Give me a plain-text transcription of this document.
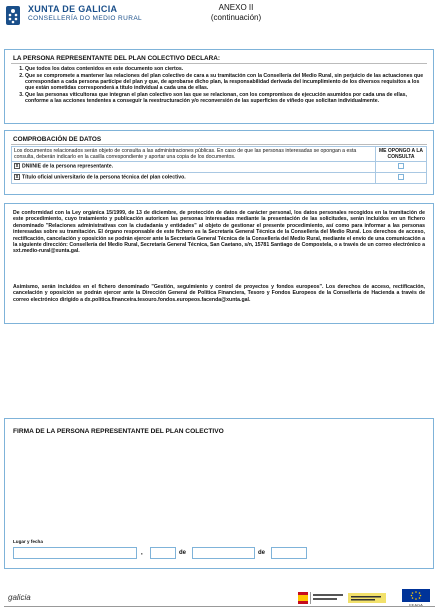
XUNTA DE GALICIA
CONSELLERÍA DO MEDIO RURAL
ANEXO II
(continuación)
LA PERSONA REPRESENTANTE DEL PLAN COLECTIVO DECLARA:
1. Que todos los datos contenidos en este documento son ciertos.
2. Que se compromete a mantener las relaciones del plan colectivo de cara a su tramitación con la Consellería del Medio Rural, sin perjuicio de las actuaciones que correspondan a cada persona partícipe del plan y que, de aprobarse dicho plan, la responsabilidad derivada del incumplimiento de los diversos requisitos a los que están sometidas corresponderá a título individual a cada una de ellas.
3. Que las personas viticultoras que integran el plan colectivo son las que se relacionan, con los compromisos de ejecución asumidos por cada una de ellas, conforme a las acciones tendentes a conseguir la reestructuración y/o reconversión de las superficies de viñedo que solicitan individualmente.
COMPROBACIÓN DE DATOS
Los documentos relacionados serán objeto de consulta a las administraciones públicas. En caso de que las personas interesadas se opongan a esta consulta, deberán indicarlo en la casilla correspondiente y aportar una copia de los documentos.	ME OPONGO A LA CONSULTA
x DNI/NIE de la persona representante.	
x Título oficial universitario de la persona técnica del plan colectivo.	
De conformidad con la Ley orgánica 15/1999, de 13 de diciembre, de protección de datos de carácter personal, los datos personales recogidos en la tramitación de este procedimiento, cuyo tratamiento y publicación autoricen las personas interesadas mediante la presentación de las solicitudes, serán incluidos en un fichero denominado "Relaciones administrativas con la ciudadanía y entidades" al objeto de gestionar el presente procedimiento, así como para informar a las personas interesadas sobre su tramitación. El órgano responsable de este fichero es la Secretaría General Técnica de la Consellería del Medio Rural. Los derechos de acceso, rectificación, cancelación y oposición se podrán ejercer ante la Secretaría General Técnica de la Consellería del Medio Rural, mediante el envío de una comunicación a la siguiente dirección: Consellería del Medio Rural, Secretaría General Técnica, San Caetano, s/n, 15781 Santiago de Compostela, o a través de un correo electrónico a sxt.medio-rural@xunta.gal.
Asimismo, serán incluidos en el fichero denominado "Gestión, seguimiento y control de proyectos y fondos europeos". Los derechos de acceso, rectificación, cancelación y oposición se podrán ejercer ante la Dirección General de Política Financiera, Tesoro y Fondos Europeos de la Consellería de Hacienda a través de correo electrónico dirigido a dx.politica.financeira.tesouro.fondos.europeos.facenda@xunta.gal.
FIRMA DE LA PERSONA REPRESENTANTE DEL PLAN COLECTIVO
Lugar y fecha
,	de	de
galicia
FEAGA
